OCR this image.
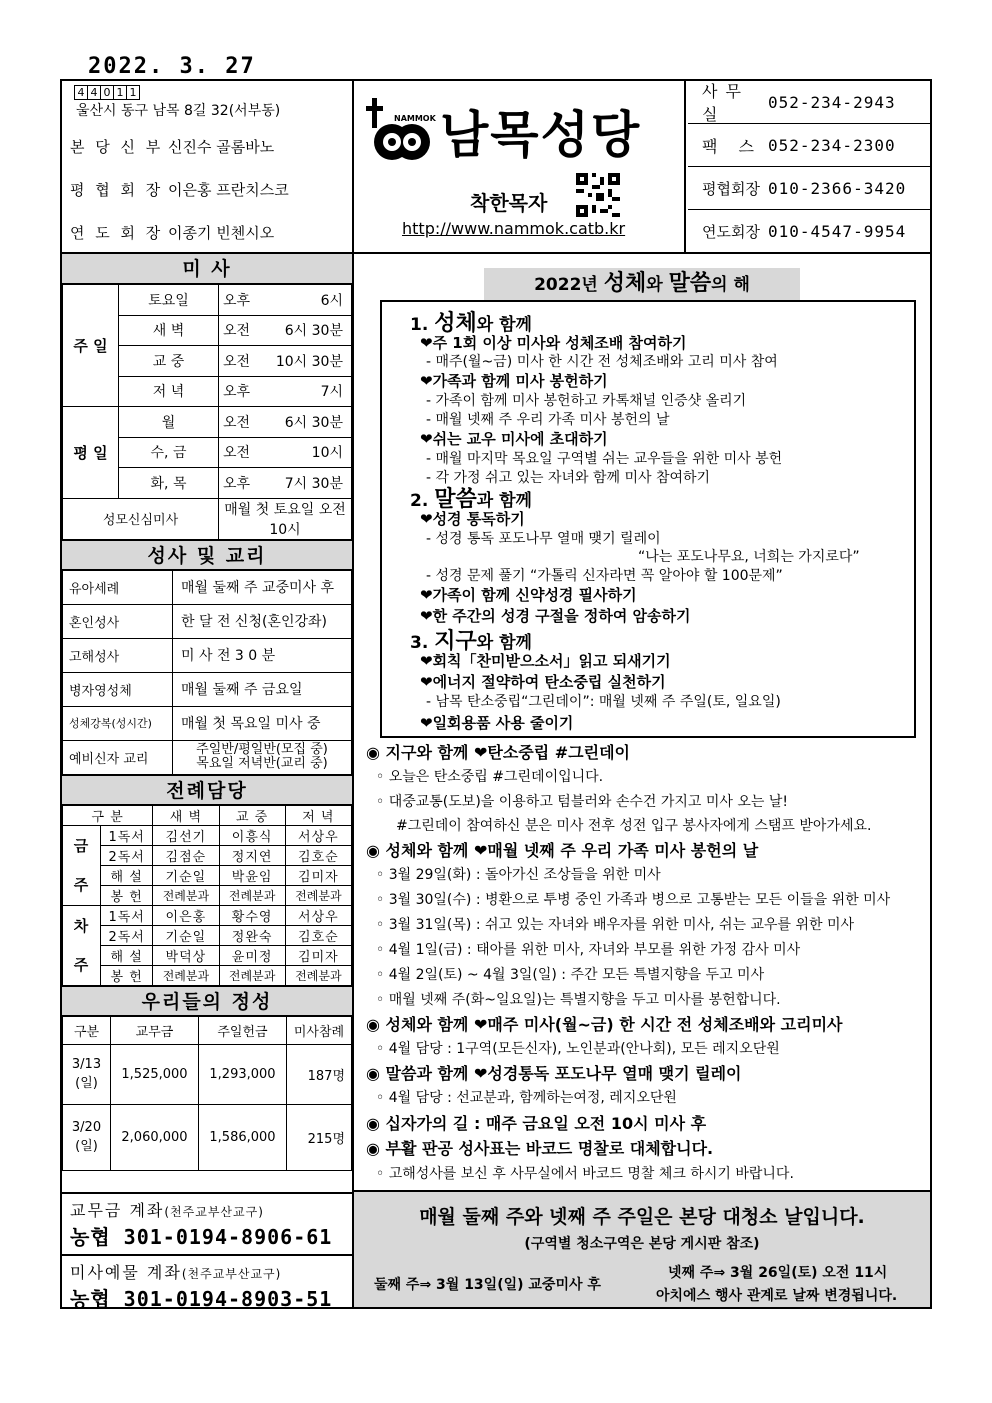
2022. 3. 27
4 4 0 1 1
울산시 동구 남목 8길 32(서부동)
본 당 신 부 신진수 골롬바노
평 협 회 장 이은홍 프란치스코
연 도 회 장 이종기 빈첸시오
NAMMOK 남목성당
착한목자
http://www.nammok.catb.kr
사무실
052-234-2943
팩 스 052-234-2300
평협회장 010-2366-3420
연도회장 010-4547-9954
미 사
주 일	토요일	오후 6시

	새 벽	오전 6시 30분

	교 중	오전 10시 30분

	저 녁	오후 7시

평 일	월	오전 6시 30분

	수, 금	오전 10시

	화, 목	오후 7시 30분

성모신심미사		매월 첫 토요일 오전 10시
성사 및 교리
유아세례	매월 둘째 주 교중미사 후
혼인성사	한 달 전 신청(혼인강좌)
고해성사	미 사 전 3 0 분
병자영성체	매월 둘째 주 금요일
성체강복(성시간)	매월 첫 목요일 미사 중
예비신자 교리	주일반/평일반(모집 중)
목요일 저녁반(교리 중)
전례담당
구 분		새 벽	교 중	저 녁

금
주	1독서	김선기	이흥식	서상우
	2독서	김점순	정지연	김호순
	해 설	기순일	박윤임	김미자
	봉 헌	전례분과	전례분과	전례분과

차
주	1독서	이은홍	황수영	서상우
	2독서	기순일	정완숙	김호순
	해 설	박덕상	윤미정	김미자
	봉 헌	전례분과	전례분과	전례분과
우리들의 정성
구분	교무금	주일헌금	미사참례

3/13
(일)	1,525,000	1,293,000	187명

3/20
(일)	2,060,000	1,586,000	215명
교무금 계좌(천주교부산교구)
농협 301-0194-8906-61
미사예물 계좌(천주교부산교구)
농협 301-0194-8903-51
2022년 성체와 말씀의 해
1. 성체와 함께
❤주 1회 이상 미사와 성체조배 참여하기
- 매주(월~금) 미사 한 시간 전 성체조배와 고리 미사 참여
❤가족과 함께 미사 봉헌하기
- 가족이 함께 미사 봉헌하고 카톡채널 인증샷 올리기
- 매월 넷째 주 우리 가족 미사 봉헌의 날
❤쉬는 교우 미사에 초대하기
- 매월 마지막 목요일 구역별 쉬는 교우들을 위한 미사 봉헌
- 각 가정 쉬고 있는 자녀와 함께 미사 참여하기
2. 말씀과 함께
❤성경 통독하기
- 성경 통독 포도나무 열매 맺기 릴레이
“나는 포도나무요, 너희는 가지로다”
- 성경 문제 풀기 “가톨릭 신자라면 꼭 알아야 할 100문제”
❤가족이 함께 신약성경 필사하기
❤한 주간의 성경 구절을 정하여 암송하기
3. 지구와 함께
❤회칙「찬미받으소서」읽고 되새기기
❤에너지 절약하여 탄소중립 실천하기
- 남목 탄소중립“그린데이”: 매월 넷째 주 주일(토, 일요일)
❤일회용품 사용 줄이기
◉ 지구와 함께 ❤탄소중립 #그린데이
◦ 오늘은 탄소중립 #그린데이입니다.
◦ 대중교통(도보)을 이용하고 텀블러와 손수건 가지고 미사 오는 날!
#그린데이 참여하신 분은 미사 전후 성전 입구 봉사자에게 스탬프 받아가세요.
◉ 성체와 함께 ❤매월 넷째 주 우리 가족 미사 봉헌의 날
◦ 3월 29일(화) : 돌아가신 조상들을 위한 미사
◦ 3월 30일(수) : 병환으로 투병 중인 가족과 병으로 고통받는 모든 이들을 위한 미사
◦ 3월 31일(목) : 쉬고 있는 자녀와 배우자를 위한 미사, 쉬는 교우를 위한 미사
◦ 4월 1일(금) : 태아를 위한 미사, 자녀와 부모를 위한 가정 감사 미사
◦ 4월 2일(토) ~ 4월 3일(일) : 주간 모든 특별지향을 두고 미사
◦ 매월 넷째 주(화~일요일)는 특별지향을 두고 미사를 봉헌합니다.
◉ 성체와 함께 ❤매주 미사(월~금) 한 시간 전 성체조배와 고리미사
◦ 4월 담당 : 1구역(모든신자), 노인분과(안나회), 모든 레지오단원
◉ 말씀과 함께 ❤성경통독 포도나무 열매 맺기 릴레이
◦ 4월 담당 : 선교분과, 함께하는여정, 레지오단원
◉ 십자가의 길 : 매주 금요일 오전 10시 미사 후
◉ 부활 판공 성사표는 바코드 명찰로 대체합니다.
◦ 고해성사를 보신 후 사무실에서 바코드 명찰 체크 하시기 바랍니다.
매월 둘째 주와 넷째 주 주일은 본당 대청소 날입니다.
(구역별 청소구역은 본당 게시판 참조)
둘째 주⇒ 3월 13일(일) 교중미사 후
넷째 주⇒ 3월 26일(토) 오전 11시
아치에스 행사 관계로 날짜 변경됩니다.
